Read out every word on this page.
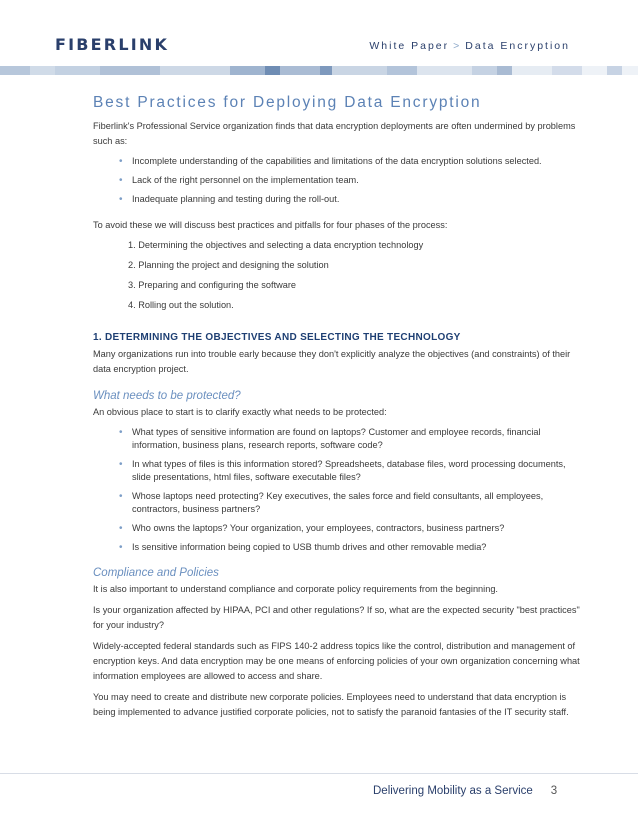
FIBERLINK	White Paper > Data Encryption
Best Practices for Deploying Data Encryption

Fiberlink's Professional Service organization finds that data encryption deployments are often undermined by problems such as:

• Incomplete understanding of the capabilities and limitations of the data encryption solutions selected.
• Lack of the right personnel on the implementation team.
• Inadequate planning and testing during the roll-out.

To avoid these we will discuss best practices and pitfalls for four phases of the process:

1. Determining the objectives and selecting a data encryption technology
2. Planning the project and designing the solution
3. Preparing and configuring the software
4. Rolling out the solution.
1. DETERMINING THE OBJECTIVES AND SELECTING THE TECHNOLOGY

Many organizations run into trouble early because they don't explicitly analyze the objectives (and constraints) of their data encryption project.

What needs to be protected?

An obvious place to start is to clarify exactly what needs to be protected:

• What types of sensitive information are found on laptops? Customer and employee records, financial information, business plans, research reports, software code?
• In what types of files is this information stored? Spreadsheets, database files, word processing documents, slide presentations, html files, software executable files?
• Whose laptops need protecting? Key executives, the sales force and field consultants, all employees, contractors, business partners?
• Who owns the laptops? Your organization, your employees, contractors, business partners?
• Is sensitive information being copied to USB thumb drives and other removable media?
Compliance and Policies

It is also important to understand compliance and corporate policy requirements from the beginning.

Is your organization affected by HIPAA, PCI and other regulations? If so, what are the expected security "best practices" for your industry?

Widely-accepted federal standards such as FIPS 140-2 address topics like the control, distribution and management of encryption keys. And data encryption may be one means of enforcing policies of your own organization concerning what information employees are allowed to access and share.

You may need to create and distribute new corporate policies. Employees need to understand that data encryption is being implemented to advance justified corporate policies, not to satisfy the paranoid fantasies of the IT security staff.

Delivering Mobility as a Service 3
